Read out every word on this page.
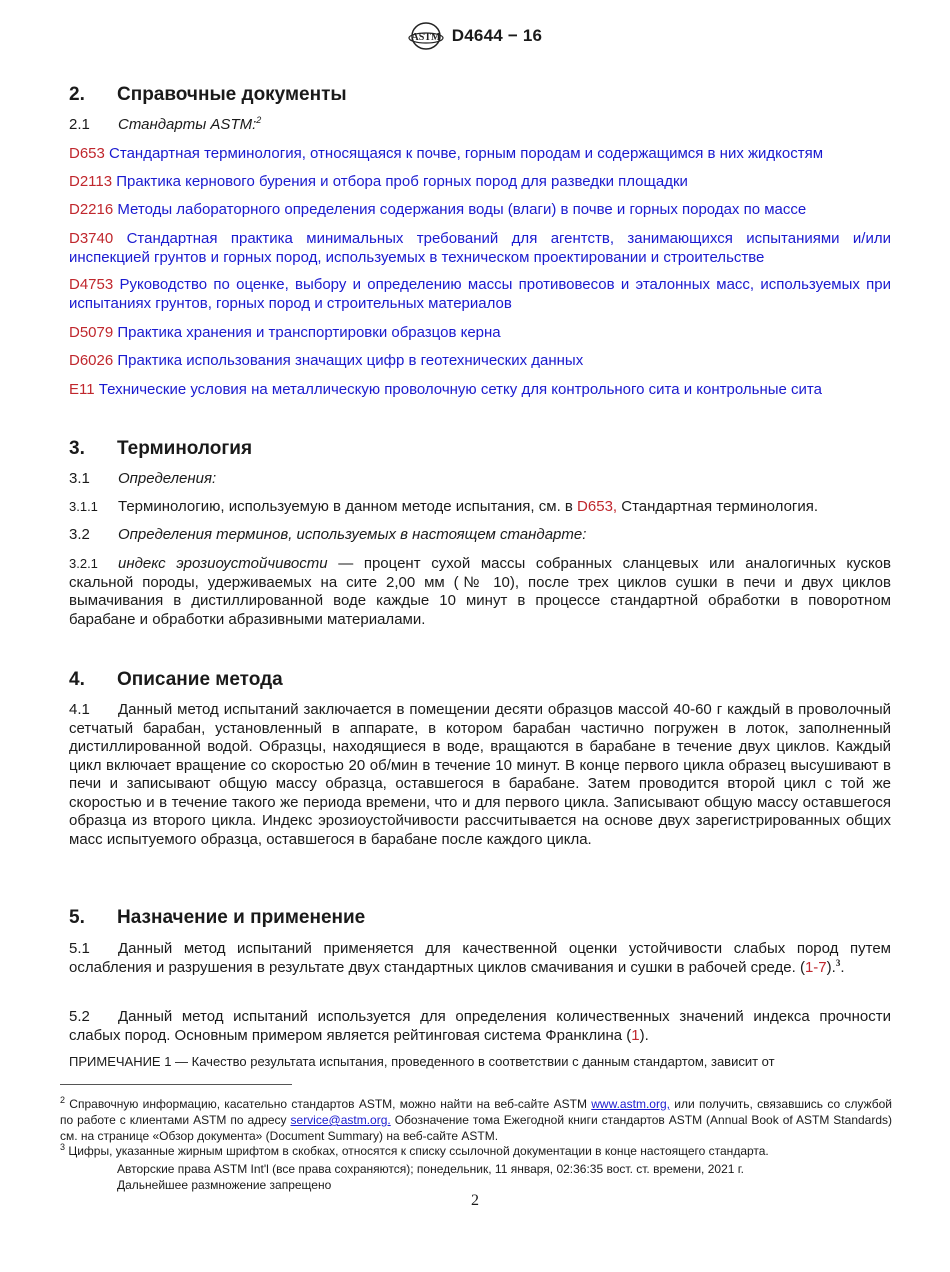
ASTM D4644 − 16
2.	Справочные документы
2.1 Стандарты ASTM:$^2$
D653 Стандартная терминология, относящаяся к почве, горным породам и содержащимся в них жидкостям
D2113 Практика кернового бурения и отбора проб горных пород для разведки площадки
D2216 Методы лабораторного определения содержания воды (влаги) в почве и горных породах по массе
D3740 Стандартная практика минимальных требований для агентств, занимающихся испытаниями и/или инспекцией грунтов и горных пород, используемых в техническом проектировании и строительстве
D4753 Руководство по оценке, выбору и определению массы противовесов и эталонных масс, используемых при испытаниях грунтов, горных пород и строительных материалов
D5079 Практика хранения и транспортировки образцов керна
D6026 Практика использования значащих цифр в геотехнических данных
E11 Технические условия на металлическую проволочную сетку для контрольного сита и контрольные сита
3.	Терминология
3.1 Определения:
3.1.1 Терминологию, используемую в данном методе испытания, см. в D653, Стандартная терминология.
3.2 Определения терминов, используемых в настоящем стандарте:
3.2.1 индекс эрозиоустойчивости — процент сухой массы собранных сланцевых или аналогичных кусков скальной породы, удерживаемых на сите 2,00 мм (№ 10), после трех циклов сушки в печи и двух циклов вымачивания в дистиллированной воде каждые 10 минут в процессе стандартной обработки в поворотном барабане и обработки абразивными материалами.
4.	Описание метода
4.1 Данный метод испытаний заключается в помещении десяти образцов массой 40-60 г каждый в проволочный сетчатый барабан, установленный в аппарате, в котором барабан частично погружен в лоток, заполненный дистиллированной водой. Образцы, находящиеся в воде, вращаются в барабане в течение двух циклов. Каждый цикл включает вращение со скоростью 20 об/мин в течение 10 минут. В конце первого цикла образец высушивают в печи и записывают общую массу образца, оставшегося в барабане. Затем проводится второй цикл с той же скоростью и в течение такого же периода времени, что и для первого цикла. Записывают общую массу оставшегося образца из второго цикла. Индекс эрозиоустойчивости рассчитывается на основе двух зарегистрированных общих масс испытуемого образца, оставшегося в барабане после каждого цикла.
5.	Назначение и применение
5.1 Данный метод испытаний применяется для качественной оценки устойчивости слабых пород путем ослабления и разрушения в результате двух стандартных циклов смачивания и сушки в рабочей среде. (1-7).$^3$.
5.2 Данный метод испытаний используется для определения количественных значений индекса прочности слабых пород. Основным примером является рейтинговая система Франклина (1).
ПРИМЕЧАНИЕ 1 — Качество результата испытания, проведенного в соответствии с данным стандартом, зависит от
$^2$ Справочную информацию, касательно стандартов ASTM, можно найти на веб-сайте ASTM www.astm.org, или получить, связавшись со службой по работе с клиентами ASTM по адресу service@astm.org. Обозначение тома Ежегодной книги стандартов ASTM (Annual Book of ASTM Standards) см. на странице «Обзор документа» (Document Summary) на веб-сайте ASTM.
$^3$ Цифры, указанные жирным шрифтом в скобках, относятся к списку ссылочной документации в конце настоящего стандарта.
Авторские права ASTM Int'l (все права сохраняются); понедельник, 11 января, 02:36:35 вост. ст. времени, 2021 г.
Дальнейшее размножение запрещено
2
